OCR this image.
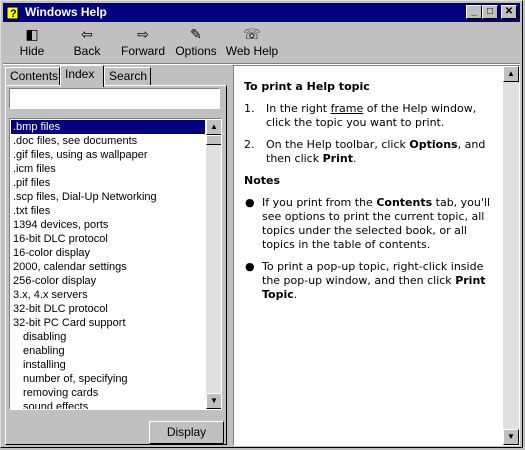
? Windows Help	_	□	✕
◧
Hide
⇦
Back
⇨
Forward
✎
Options
☏
Web Help
Contents Index	Search
.bmp files
.doc files, see documents
.gif files, using as wallpaper
.icm files
.pif files
.scp files, Dial-Up Networking
.txt files
1394 devices, ports
16-bit DLC protocol
16-color display
2000, calendar settings
256-color display
3.x, 4.x servers
32-bit DLC protocol
32-bit PC Card support
disabling
enabling
installing
number of, specifying
removing cards
sound effects
▲
▼
Display
To print a Help topic
1. In the right frame of the Help window, click the topic you want to print.
2. On the Help toolbar, click Options, and then click Print.
Notes
● If you print from the Contents tab, you'll see options to print the current topic, all topics under the selected book, or all topics in the table of contents.
● To print a pop-up topic, right-click inside the pop-up window, and then click Print Topic.
▲
▼
